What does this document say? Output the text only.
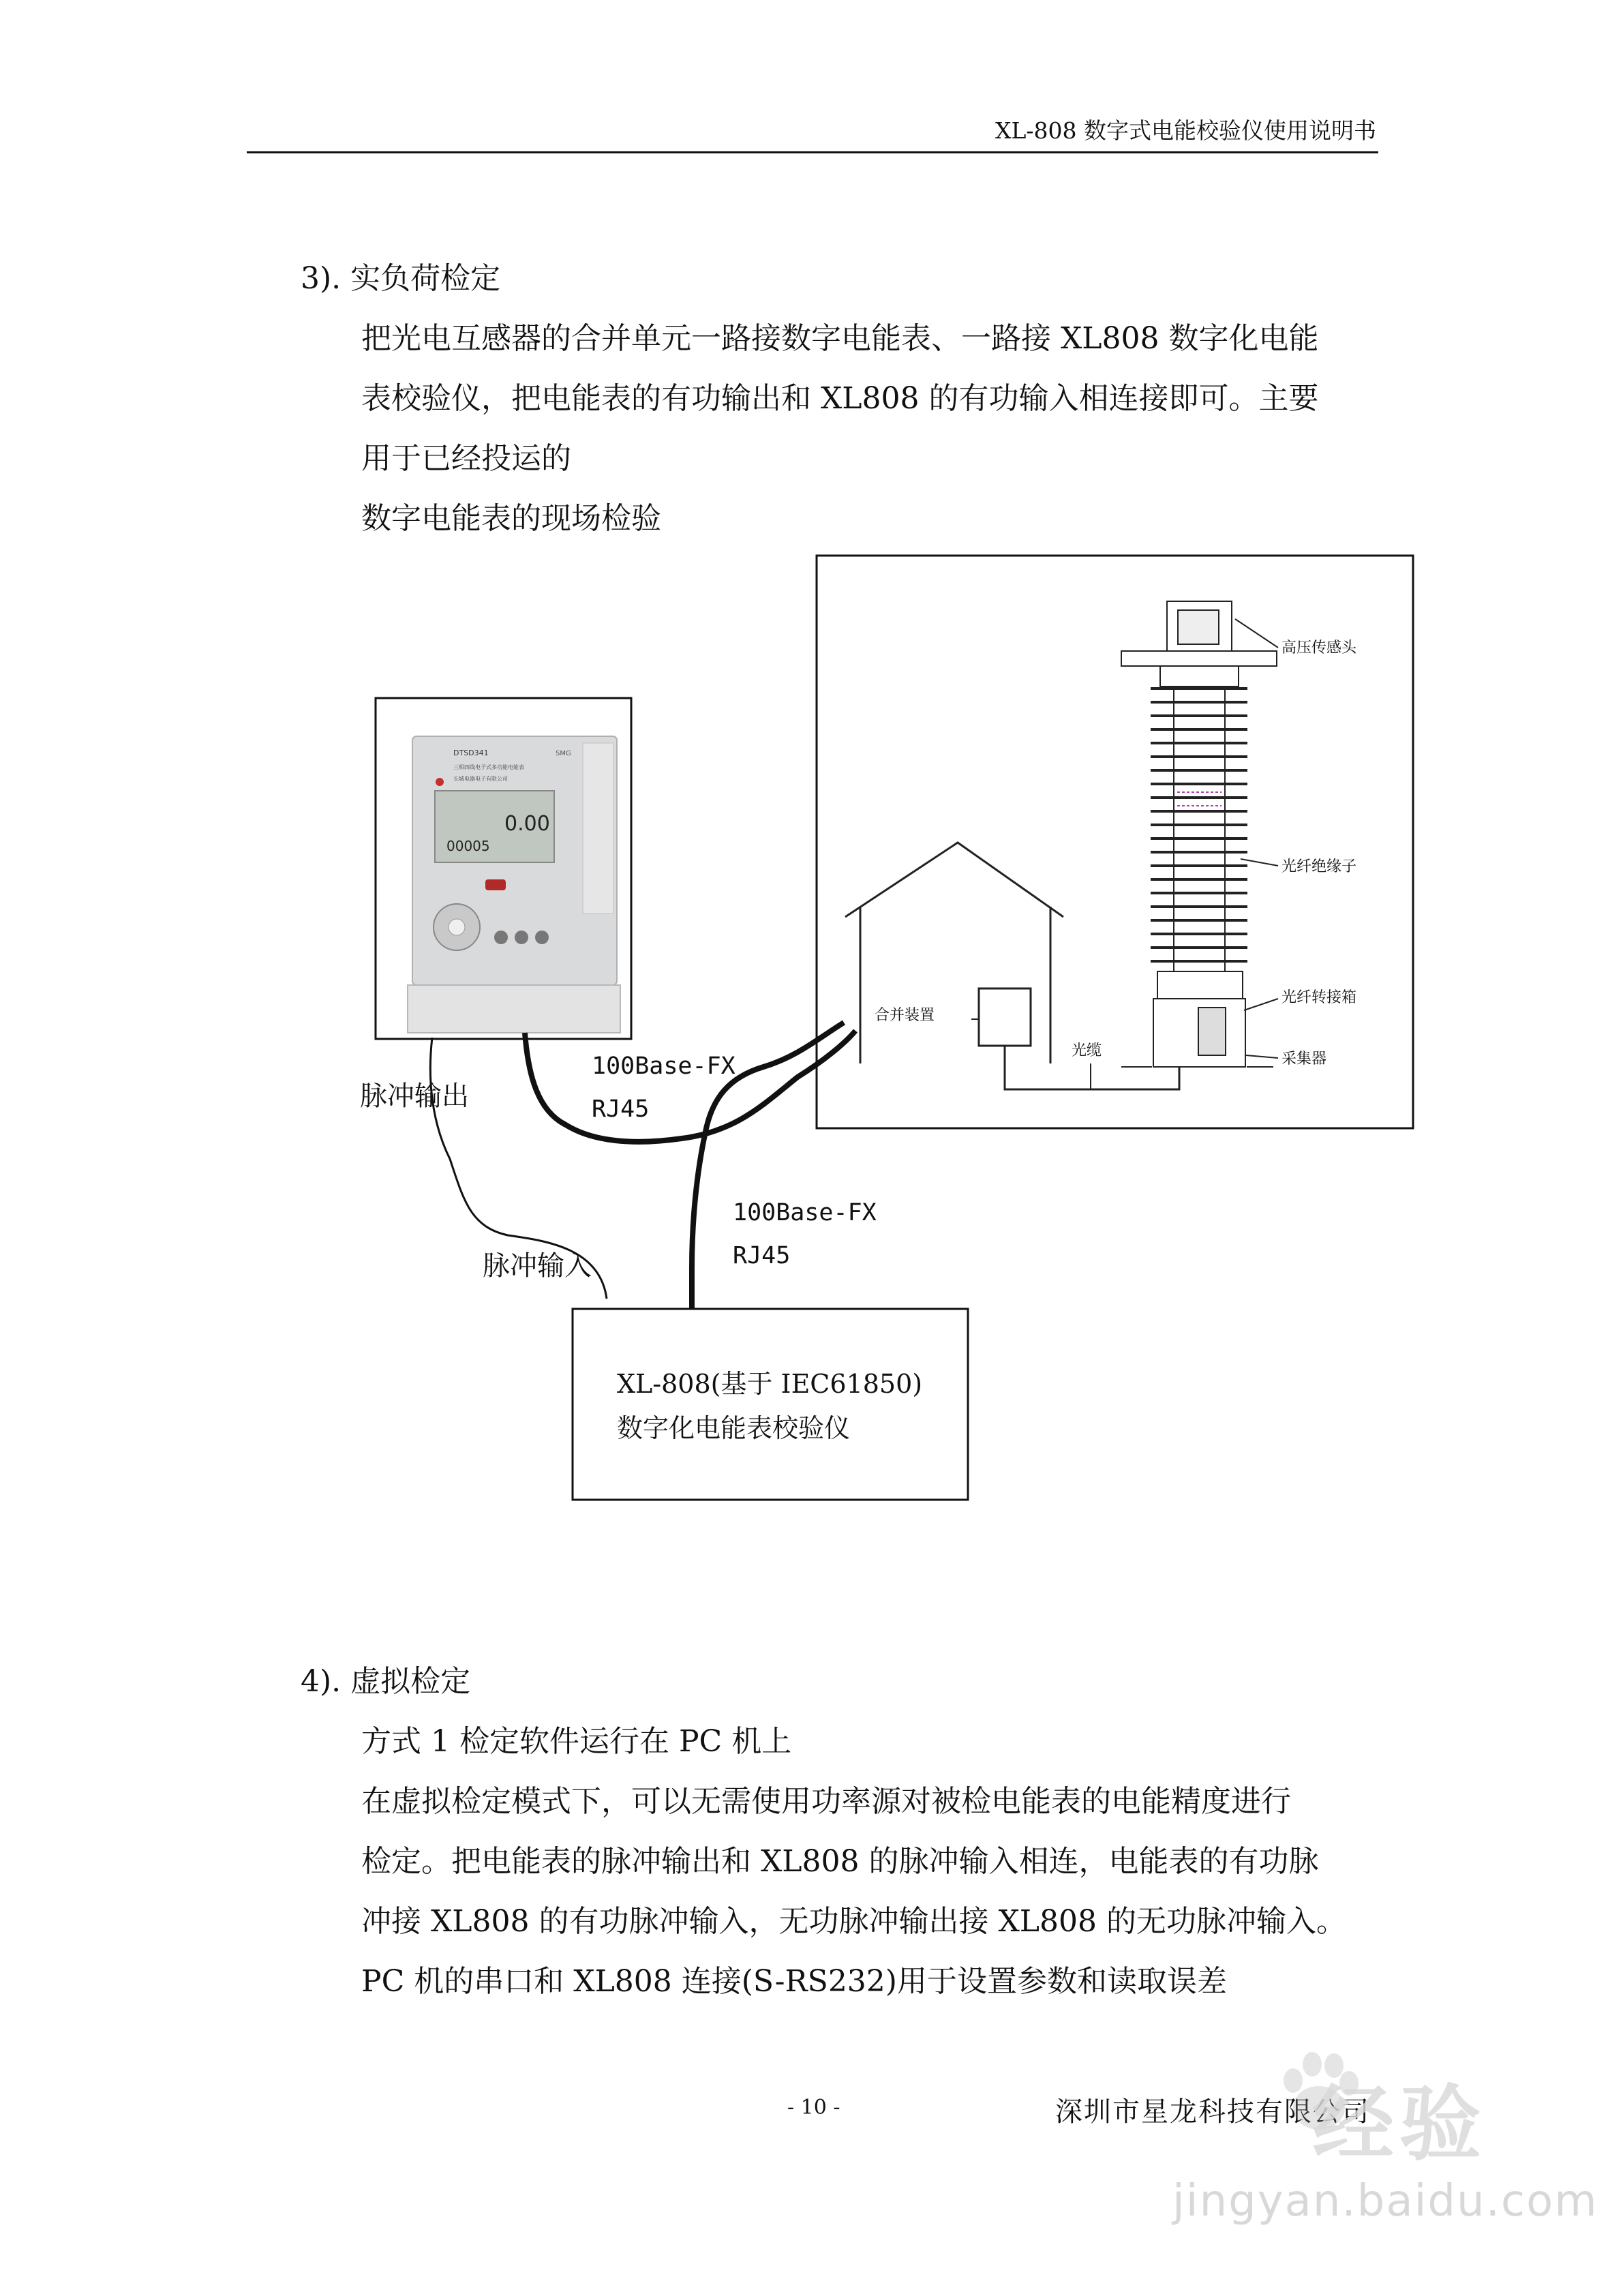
XL-808 数字式电能校验仪使用说明书
3). 实负荷检定
把光电互感器的合并单元一路接数字电能表、一路接 XL808 数字化电能
表校验仪，把电能表的有功输出和 XL808 的有功输入相连接即可。主要
用于已经投运的
数字电能表的现场检验
DTSD341	SMG
三相四线电子式多功能电能表
长城电器电子有限公司
0.00
00005
合并装置
光缆
高压传感头
光纤绝缘子
光纤转接箱
采集器
脉冲输出
脉冲输入
100Base-FX
RJ45
100Base-FX
RJ45
XL-808(基于 IEC61850)
数字化电能表校验仪
4). 虚拟检定
方式 1 检定软件运行在 PC 机上
在虚拟检定模式下，可以无需使用功率源对被检电能表的电能精度进行
检定。把电能表的脉冲输出和 XL808 的脉冲输入相连，电能表的有功脉
冲接 XL808 的有功脉冲输入，无功脉冲输出接 XL808 的无功脉冲输入。
PC 机的串口和 XL808 连接(S-RS232)用于设置参数和读取误差
- 10 -	深圳市星龙科技有限公司
经验
jingyan.baidu.com
